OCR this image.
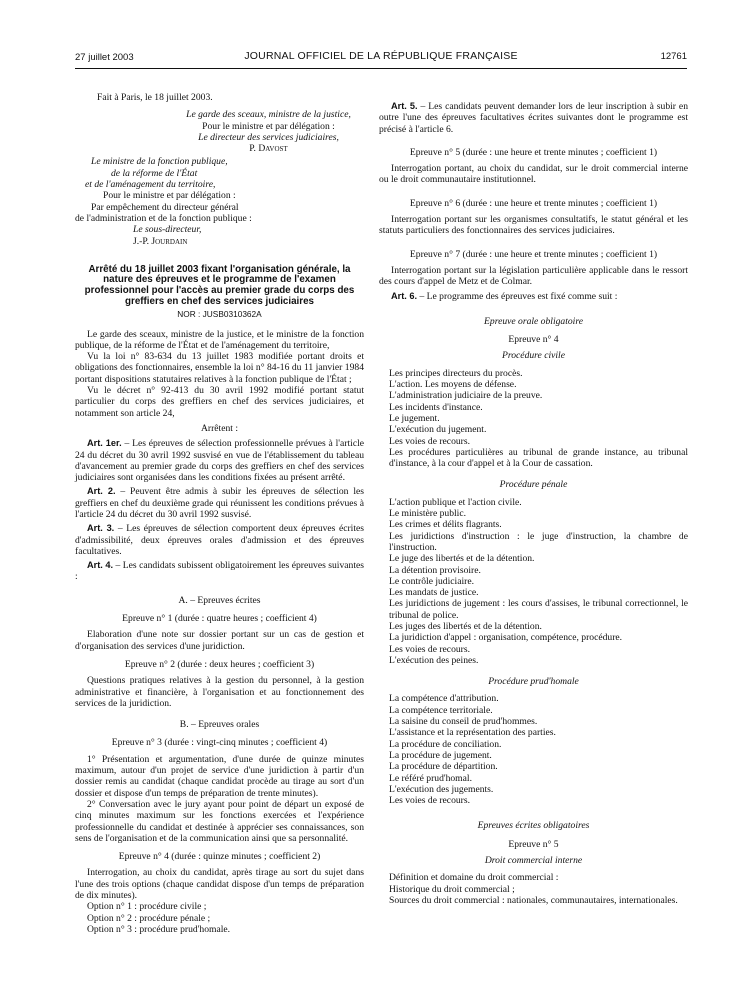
27 juillet 2003	JOURNAL OFFICIEL DE LA RÉPUBLIQUE FRANÇAISE	12761

Fait à Paris, le 18 juillet 2003.

Le garde des sceaux, ministre de la justice,

Pour le ministre et par délégation :

Le directeur des services judiciaires,

P. Davost

Le ministre de la fonction publique,

de la réforme de l'État

et de l'aménagement du territoire,

Pour le ministre et par délégation :

Par empêchement du directeur général

de l'administration et de la fonction publique :

Le sous-directeur,

J.-P. Jourdain

Arrêté du 18 juillet 2003 fixant l'organisation générale, la nature des épreuves et le programme de l'examen professionnel pour l'accès au premier grade du corps des greffiers en chef des services judiciaires

NOR : JUSB0310362A

Le garde des sceaux, ministre de la justice, et le ministre de la fonction publique, de la réforme de l'État et de l'aménagement du territoire,

Vu la loi n° 83-634 du 13 juillet 1983 modifiée portant droits et obligations des fonctionnaires, ensemble la loi n° 84-16 du 11 janvier 1984 portant dispositions statutaires relatives à la fonction publique de l'État ;

Vu le décret n° 92-413 du 30 avril 1992 modifié portant statut particulier du corps des greffiers en chef des services judiciaires, et notamment son article 24,

Arrêtent :

Art. 1er. – Les épreuves de sélection professionnelle prévues à l'article 24 du décret du 30 avril 1992 susvisé en vue de l'établissement du tableau d'avancement au premier grade du corps des greffiers en chef des services judiciaires sont organisées dans les conditions fixées au présent arrêté.

Art. 2. – Peuvent être admis à subir les épreuves de sélection les greffiers en chef du deuxième grade qui réunissent les conditions prévues à l'article 24 du décret du 30 avril 1992 susvisé.

Art. 3. – Les épreuves de sélection comportent deux épreuves écrites d'admissibilité, deux épreuves orales d'admission et des épreuves facultatives.

Art. 4. – Les candidats subissent obligatoirement les épreuves suivantes :

A. – Epreuves écrites

Epreuve n° 1 (durée : quatre heures ; coefficient 4)

Elaboration d'une note sur dossier portant sur un cas de gestion et d'organisation des services d'une juridiction.

Epreuve n° 2 (durée : deux heures ; coefficient 3)

Questions pratiques relatives à la gestion du personnel, à la gestion administrative et financière, à l'organisation et au fonctionnement des services de la juridiction.

B. – Epreuves orales

Epreuve n° 3 (durée : vingt-cinq minutes ; coefficient 4)

1° Présentation et argumentation, d'une durée de quinze minutes maximum, autour d'un projet de service d'une juridiction à partir d'un dossier remis au candidat (chaque candidat procède au tirage au sort d'un dossier et dispose d'un temps de préparation de trente minutes).

2° Conversation avec le jury ayant pour point de départ un exposé de cinq minutes maximum sur les fonctions exercées et l'expérience professionnelle du candidat et destinée à apprécier ses connaissances, son sens de l'organisation et de la communication ainsi que sa personnalité.

Epreuve n° 4 (durée : quinze minutes ; coefficient 2)

Interrogation, au choix du candidat, après tirage au sort du sujet dans l'une des trois options (chaque candidat dispose d'un temps de préparation de dix minutes).

Option n° 1 : procédure civile ;

Option n° 2 : procédure pénale ;

Option n° 3 : procédure prud'homale.

Art. 5. – Les candidats peuvent demander lors de leur inscription à subir en outre l'une des épreuves facultatives écrites suivantes dont le programme est précisé à l'article 6.

Epreuve n° 5 (durée : une heure et trente minutes ; coefficient 1)

Interrogation portant, au choix du candidat, sur le droit commercial interne ou le droit communautaire institutionnel.

Epreuve n° 6 (durée : une heure et trente minutes ; coefficient 1)

Interrogation portant sur les organismes consultatifs, le statut général et les statuts particuliers des fonctionnaires des services judiciaires.

Epreuve n° 7 (durée : une heure et trente minutes ; coefficient 1)

Interrogation portant sur la législation particulière applicable dans le ressort des cours d'appel de Metz et de Colmar.

Art. 6. – Le programme des épreuves est fixé comme suit :

Epreuve orale obligatoire

Epreuve n° 4

Procédure civile

Les principes directeurs du procès.

L'action. Les moyens de défense.

L'administration judiciaire de la preuve.

Les incidents d'instance.

Le jugement.

L'exécution du jugement.

Les voies de recours.

Les procédures particulières au tribunal de grande instance, au tribunal d'instance, à la cour d'appel et à la Cour de cassation.

Procédure pénale

L'action publique et l'action civile.

Le ministère public.

Les crimes et délits flagrants.

Les juridictions d'instruction : le juge d'instruction, la chambre de l'instruction.

Le juge des libertés et de la détention.

La détention provisoire.

Le contrôle judiciaire.

Les mandats de justice.

Les juridictions de jugement : les cours d'assises, le tribunal correctionnel, le tribunal de police.

Les juges des libertés et de la détention.

La juridiction d'appel : organisation, compétence, procédure.

Les voies de recours.

L'exécution des peines.

Procédure prud'homale

La compétence d'attribution.

La compétence territoriale.

La saisine du conseil de prud'hommes.

L'assistance et la représentation des parties.

La procédure de conciliation.

La procédure de jugement.

La procédure de départition.

Le référé prud'homal.

L'exécution des jugements.

Les voies de recours.

Epreuves écrites obligatoires

Epreuve n° 5

Droit commercial interne

Définition et domaine du droit commercial :

Historique du droit commercial ;

Sources du droit commercial : nationales, communautaires, internationales.
